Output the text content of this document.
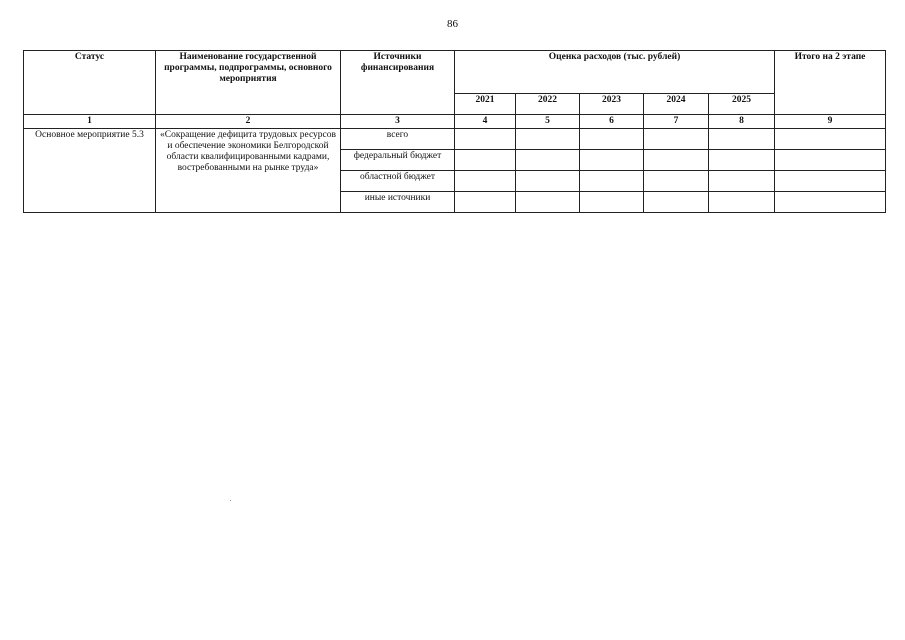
86
Статус	Наименование государственной программы, подпрограммы, основного мероприятия	Источники финансирования	Оценка расходов (тыс. рублей)					Итого на 2 этапе
			2021	2022	2023	2024	2025	
1	2	3	4	5	6	7	8	9
Основное мероприятие 5.3	«Сокращение дефицита трудовых ресурсов и обеспечение экономики Белгородской области квалифицированными кадрами, востребованными на рынке труда»	всего						
		федеральный бюджет						
		областной бюджет						
		иные источники						
